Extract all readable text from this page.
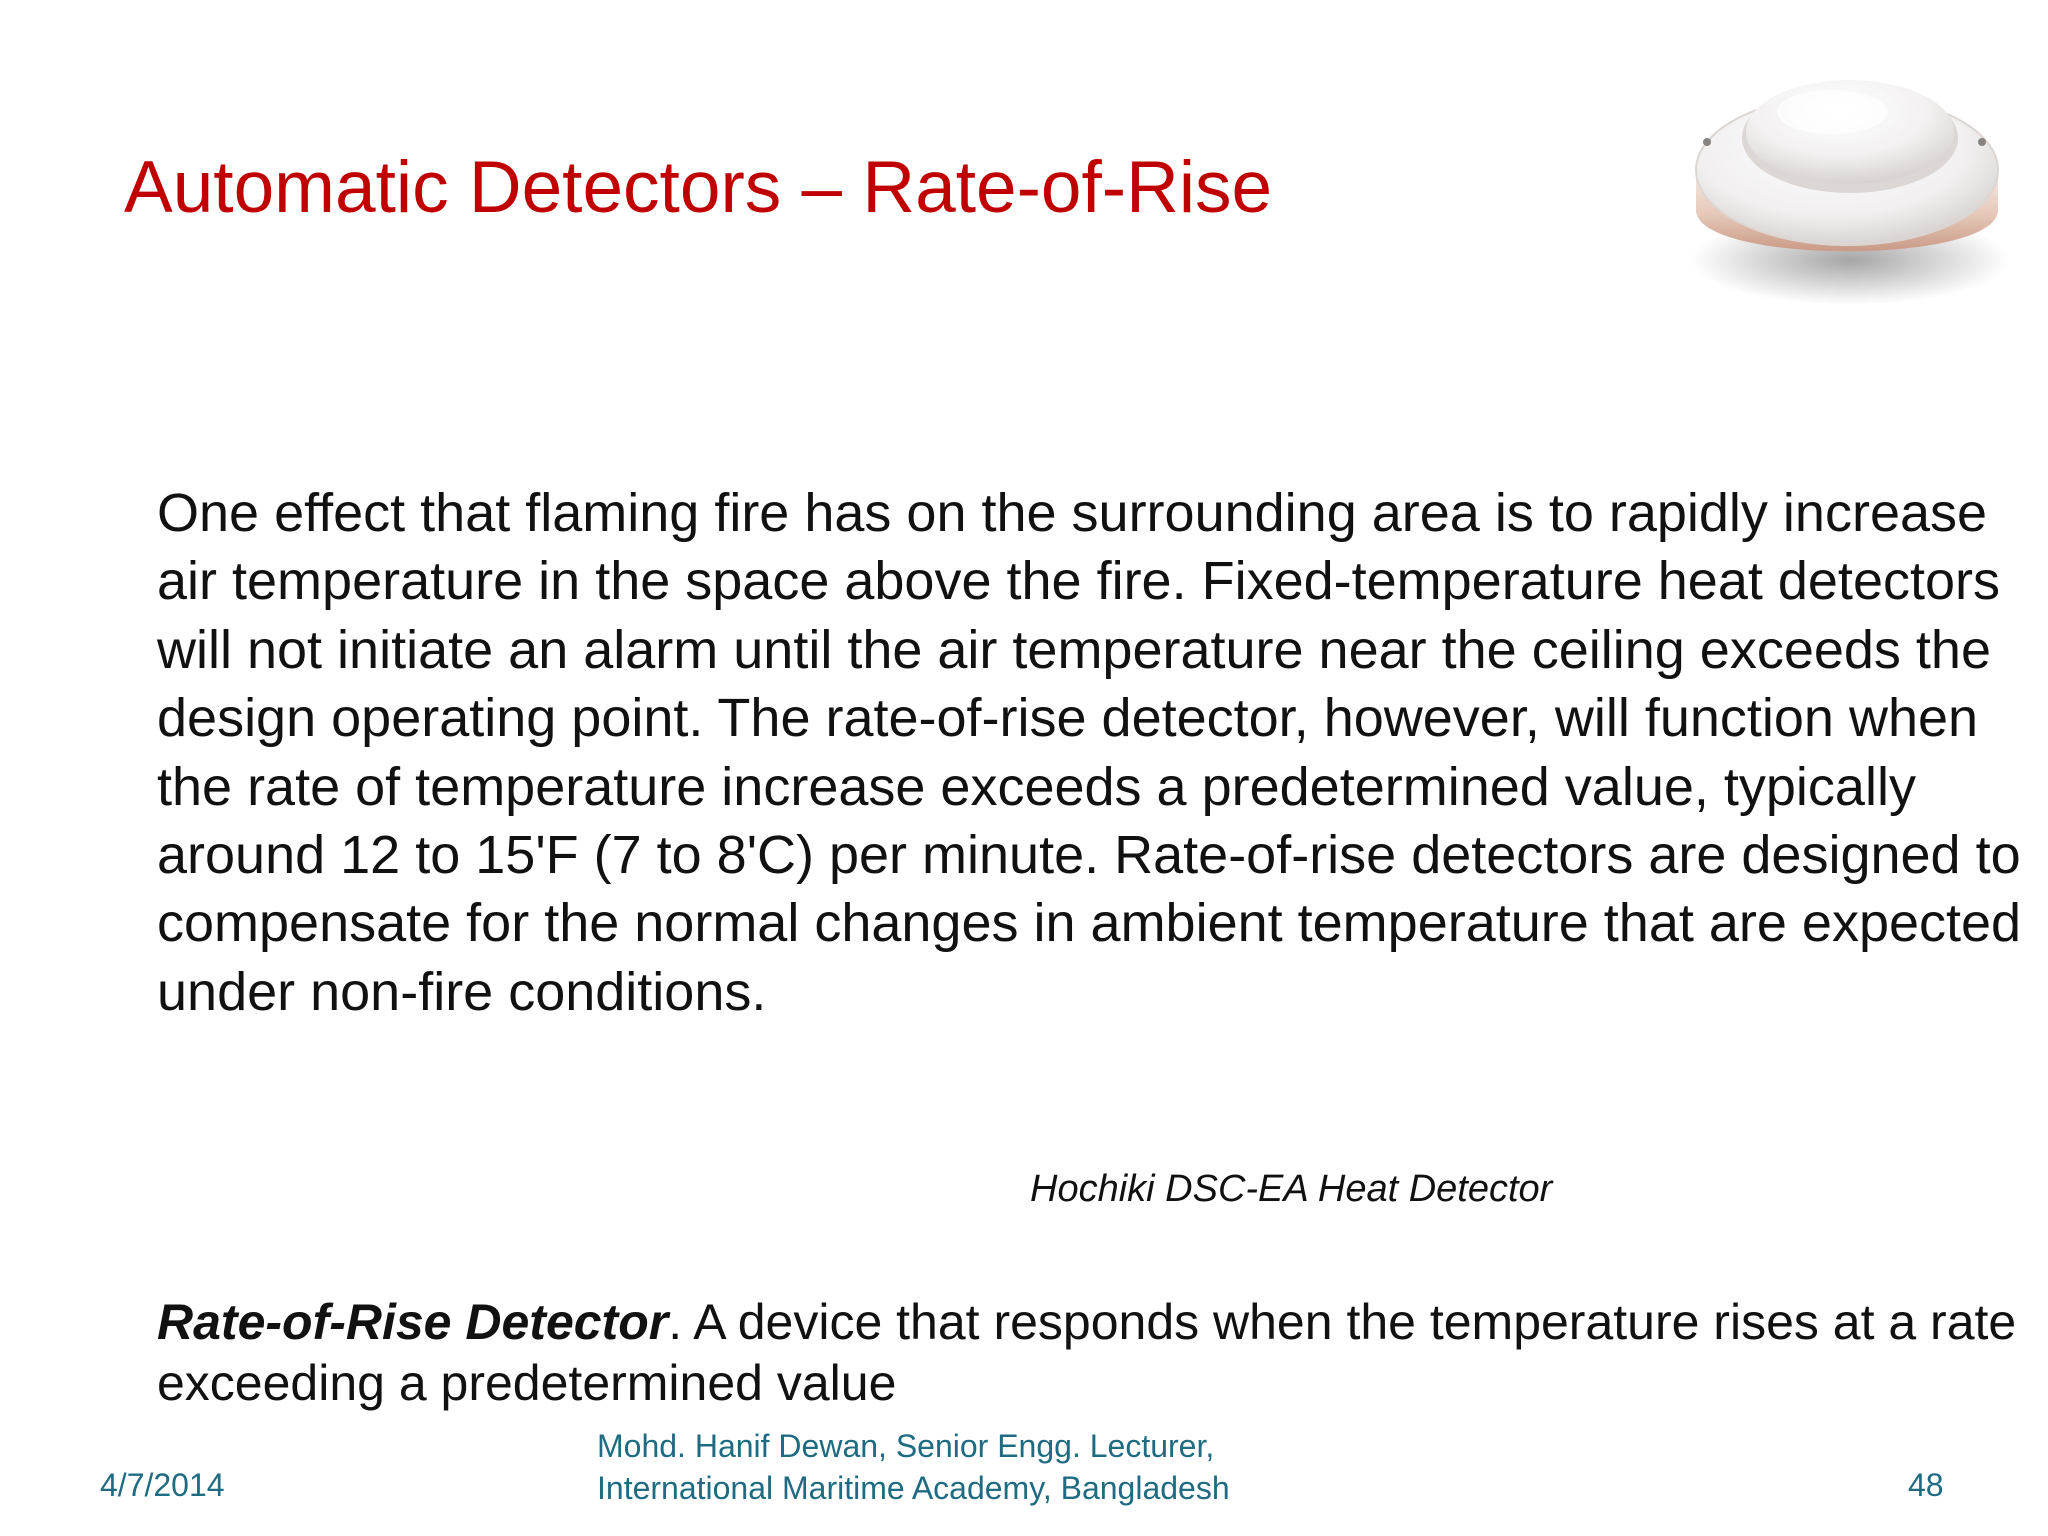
Automatic Detectors – Rate-of-Rise

One effect that flaming fire has on the surrounding area is to rapidly increase air temperature in the space above the fire. Fixed-temperature heat detectors will not initiate an alarm until the air temperature near the ceiling exceeds the design operating point. The rate-of-rise detector, however, will function when the rate of temperature increase exceeds a predetermined value, typically around 12 to 15'F (7 to 8'C) per minute. Rate-of-rise detectors are designed to compensate for the normal changes in ambient temperature that are expected under non-fire conditions.

Hochiki DSC-EA Heat Detector

Rate-of-Rise Detector. A device that responds when the temperature rises at a rate exceeding a predetermined value

4/7/2014
Mohd. Hanif Dewan, Senior Engg. Lecturer,
International Maritime Academy, Bangladesh	48
